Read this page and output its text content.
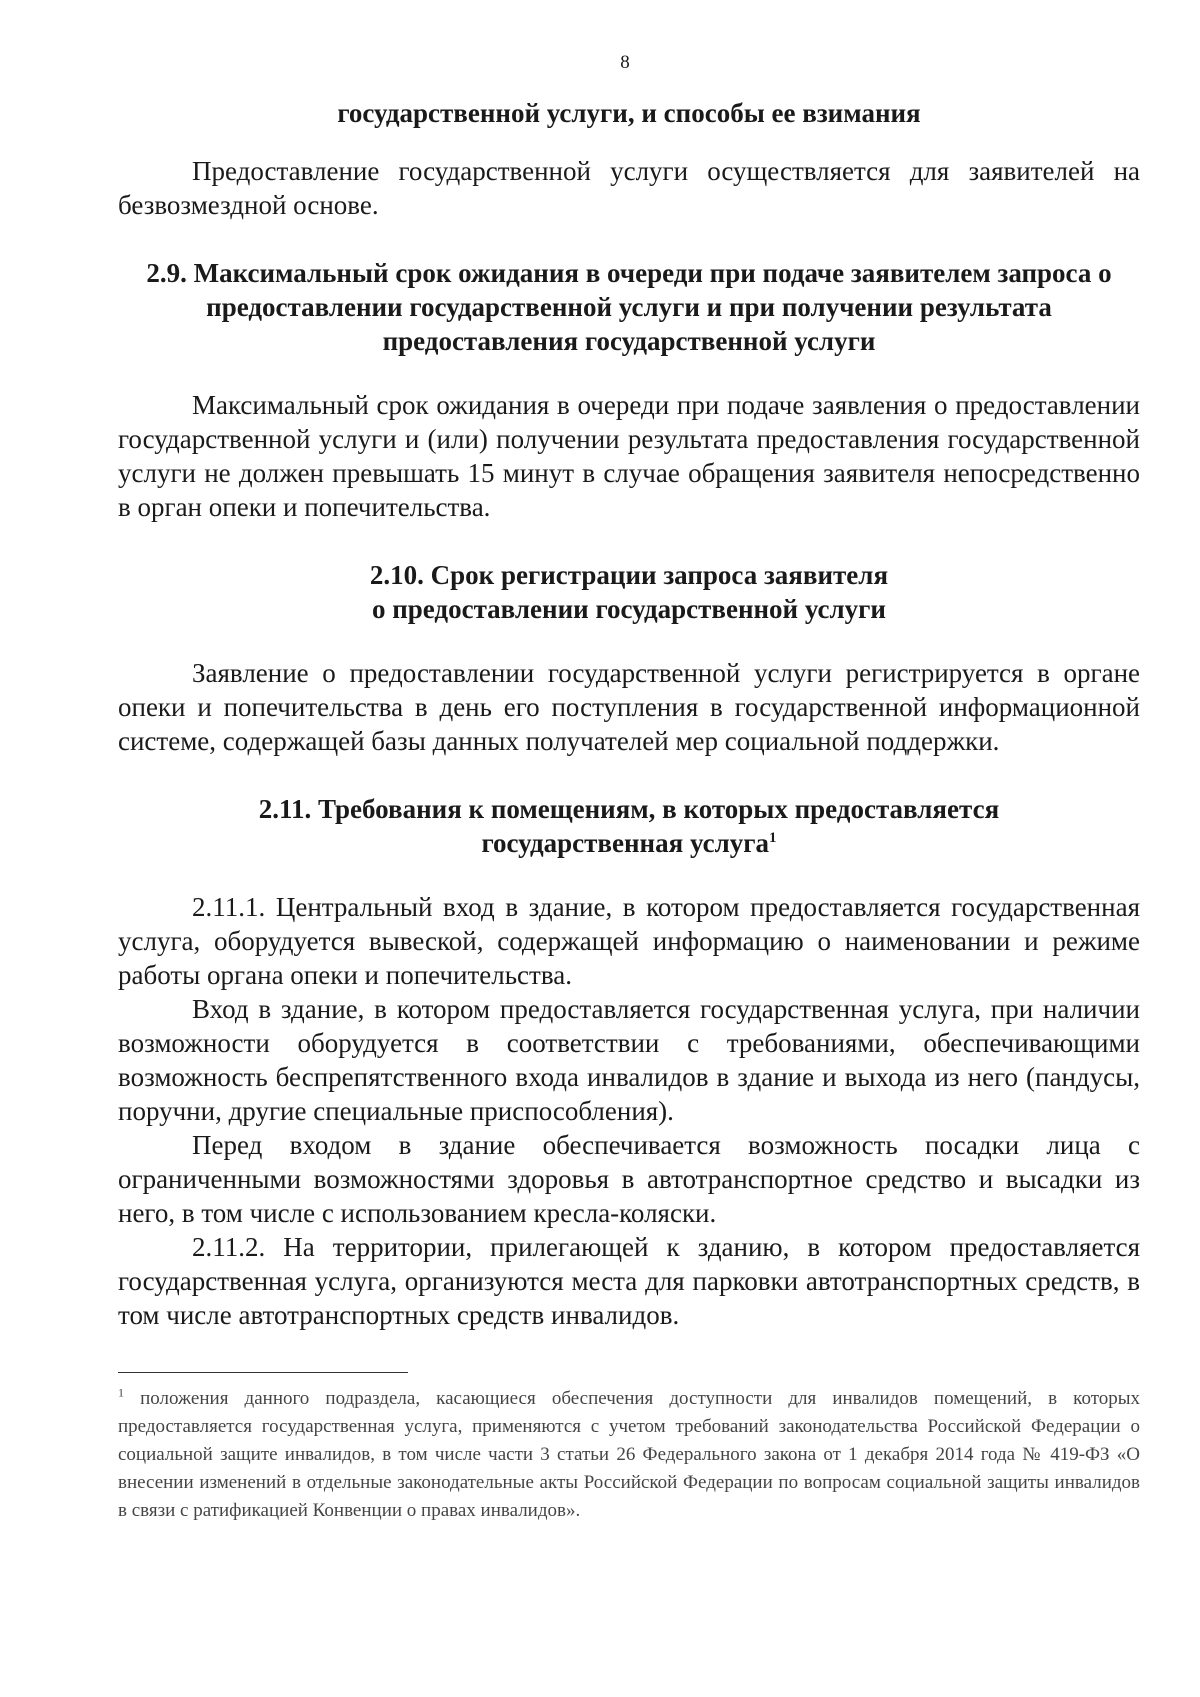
8
государственной услуги, и способы ее взимания

Предоставление государственной услуги осуществляется для заявителей на безвозмездной основе.

2.9. Максимальный срок ожидания в очереди при подаче заявителем запроса о предоставлении государственной услуги и при получении результата предоставления государственной услуги

Максимальный срок ожидания в очереди при подаче заявления о предоставлении государственной услуги и (или) получении результата предоставления государственной услуги не должен превышать 15 минут в случае обращения заявителя непосредственно в орган опеки и попечительства.

2.10. Срок регистрации запроса заявителя
о предоставлении государственной услуги

Заявление о предоставлении государственной услуги регистрируется в органе опеки и попечительства в день его поступления в государственной информационной системе, содержащей базы данных получателей мер социальной поддержки.

2.11. Требования к помещениям, в которых предоставляется
государственная услуга$^1$

2.11.1. Центральный вход в здание, в котором предоставляется государственная услуга, оборудуется вывеской, содержащей информацию о наименовании и режиме работы органа опеки и попечительства.

Вход в здание, в котором предоставляется государственная услуга, при наличии возможности оборудуется в соответствии с требованиями, обеспечивающими возможность беспрепятственного входа инвалидов в здание и выхода из него (пандусы, поручни, другие специальные приспособления).

Перед входом в здание обеспечивается возможность посадки лица с ограниченными возможностями здоровья в автотранспортное средство и высадки из него, в том числе с использованием кресла-коляски.

2.11.2. На территории, прилегающей к зданию, в котором предоставляется государственная услуга, организуются места для парковки автотранспортных средств, в том числе автотранспортных средств инвалидов.

$^1$ положения данного подраздела, касающиеся обеспечения доступности для инвалидов помещений, в которых предоставляется государственная услуга, применяются с учетом требований законодательства Российской Федерации о социальной защите инвалидов, в том числе части 3 статьи 26 Федерального закона от 1 декабря 2014 года № 419-ФЗ «О внесении изменений в отдельные законодательные акты Российской Федерации по вопросам социальной защиты инвалидов в связи с ратификацией Конвенции о правах инвалидов».
